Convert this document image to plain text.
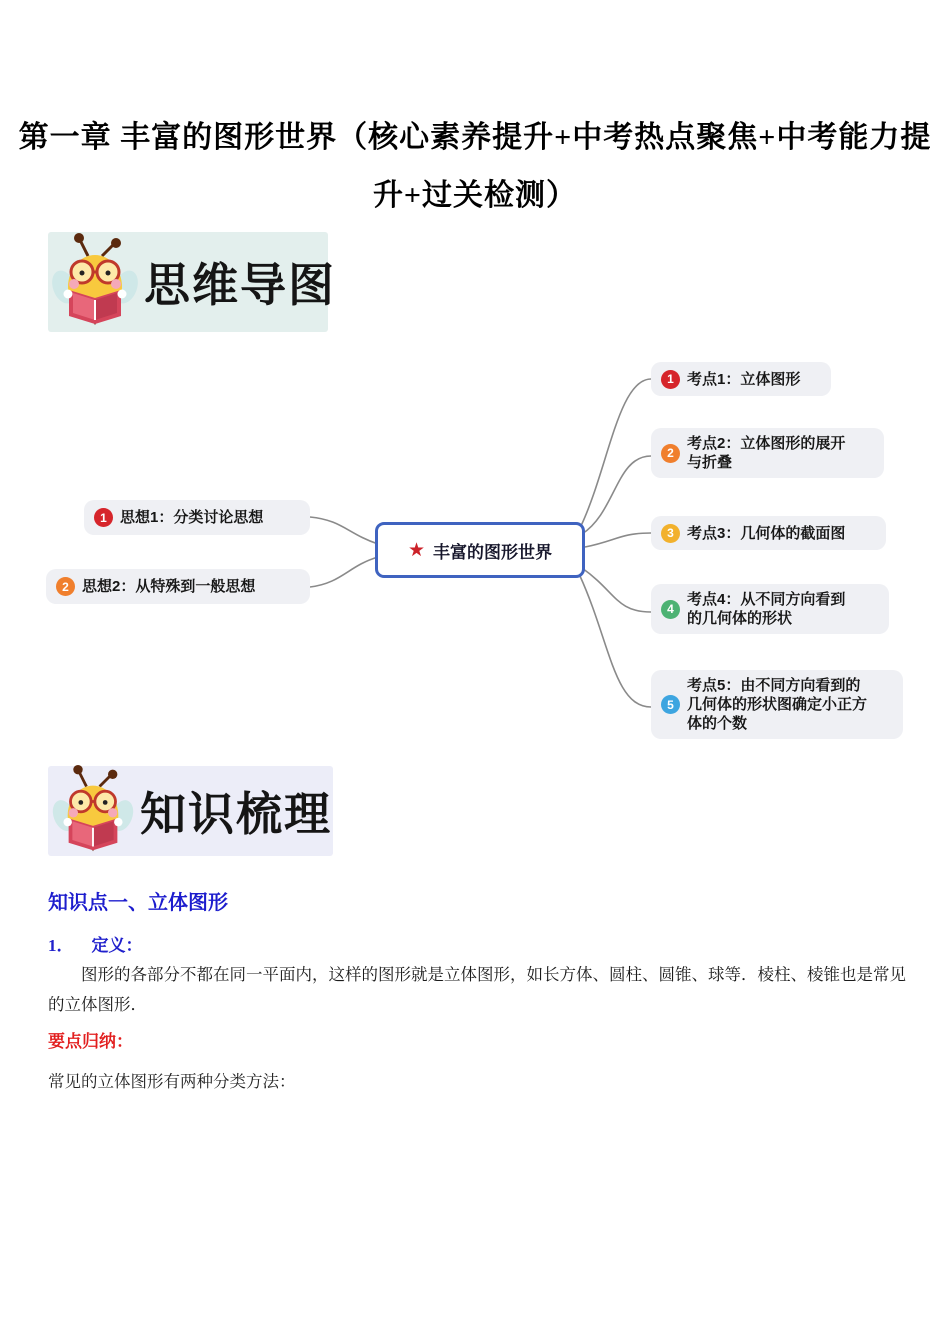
第一章 丰富的图形世界（核心素养提升+中考热点聚焦+中考能力提
升+过关检测）
思维导图
★ 丰富的图形世界
1 思想1：分类讨论思想
2 思想2：从特殊到一般思想
1 考点1：立体图形
2
考点2：立体图形的展开与折叠
3 考点3：几何体的截面图
4
考点4：从不同方向看到的几何体的形状
5
考点5：由不同方向看到的几何体的形状图确定小正方体的个数
知识梳理
知识点一、立体图形
1． 定义：
图形的各部分不都在同一平面内，这样的图形就是立体图形，如长方体、圆柱、圆锥、球等．棱柱、棱锥也是常见的立体图形．
要点归纳：
常见的立体图形有两种分类方法：
